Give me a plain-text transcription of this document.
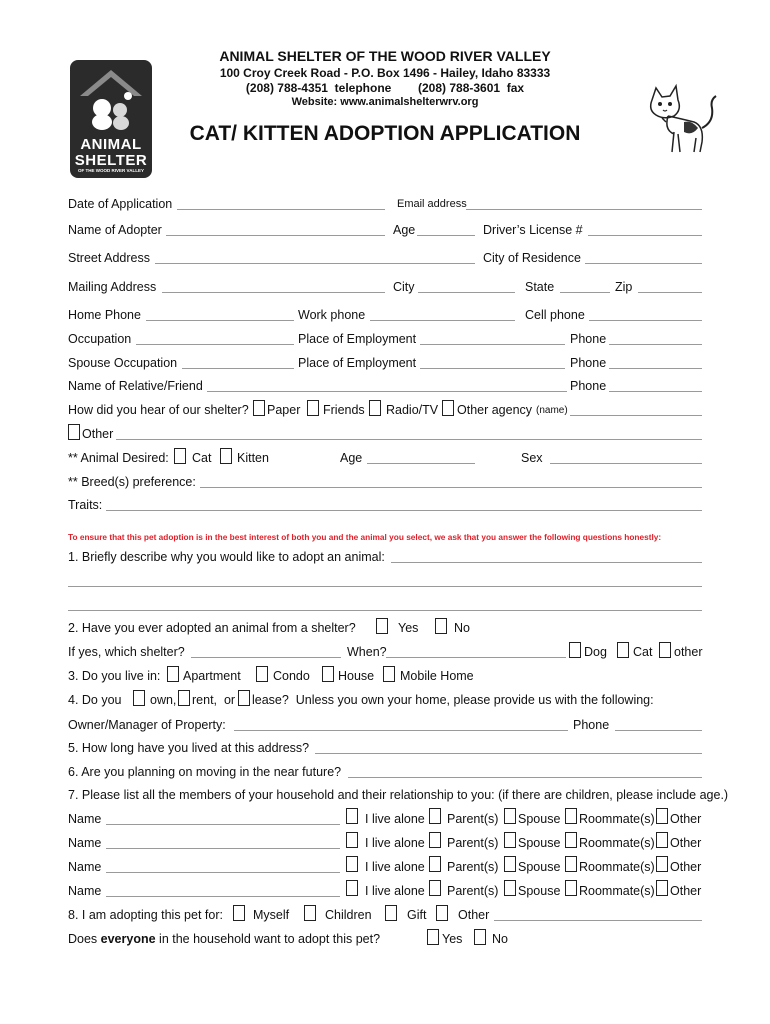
ANIMAL
SHELTER
OF THE WOOD RIVER VALLEY
ANIMAL SHELTER OF THE WOOD RIVER VALLEY
100 Croy Creek Road - P.O. Box 1496 - Hailey, Idaho 83333
(208) 788-4351  telephone        (208) 788-3601  fax
Website: www.animalshelterwrv.org
CAT/ KITTEN ADOPTION APPLICATION
Date of Application	Email address
Name of Adopter	Age	Driver’s License #
Street Address	City of Residence
Mailing Address	City	State	Zip
Home Phone	Work phone	Cell phone
Occupation	Place of Employment	Phone
Spouse Occupation	Place of Employment	Phone
Name of Relative/Friend	Phone
How did you hear of our shelter? Paper Friends Radio/TV Other agency (name)
Other
** Animal Desired: Cat Kitten	Age	Sex
** Breed(s) preference:
Traits:
To ensure that this pet adoption is in the best interest of both you and the animal you select, we ask that you answer the following questions honestly:
1. Briefly describe why you would like to adopt an animal:
2. Have you ever adopted an animal from a shelter?	Yes	No
If yes, which shelter?	When?	Dog Cat other
3. Do you live in: Apartment	Condo House Mobile Home
4. Do you own, rent,  or lease?  Unless you own your home, please provide us with the following:
Owner/Manager of Property:	Phone
5. How long have you lived at this address?
6. Are you planning on moving in the near future?
7. Please list all the members of your household and their relationship to you: (if there are children, please include age.)
Name	I live alone Parent(s) Spouse Roommate(s) Other
Name	I live alone Parent(s) Spouse Roommate(s) Other
Name	I live alone Parent(s) Spouse Roommate(s) Other
Name	I live alone Parent(s) Spouse Roommate(s) Other
8. I am adopting this pet for: Myself	Children	Gift	Other
Does everyone in the household want to adopt this pet?	Yes No
